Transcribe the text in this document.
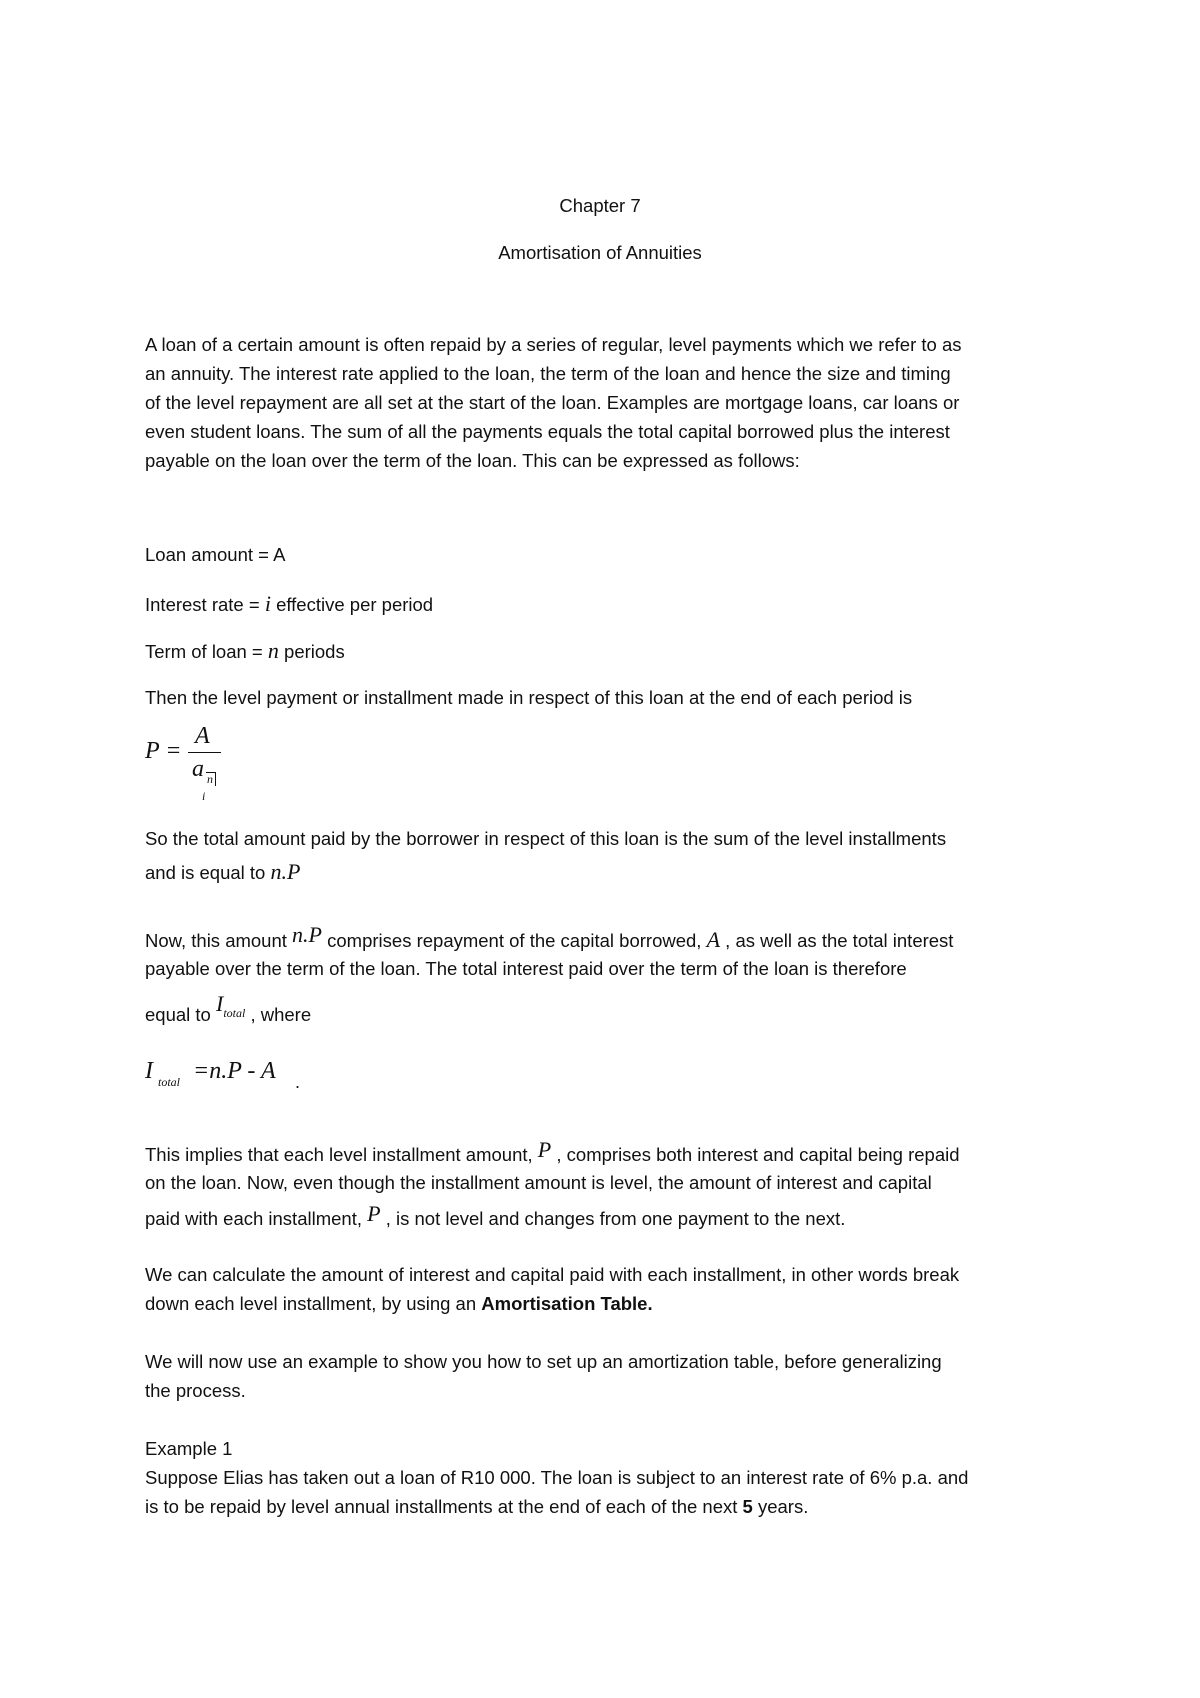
Chapter 7
Amortisation of Annuities
A loan of a certain amount is often repaid by a series of regular, level payments which we refer to as
an annuity. The interest rate applied to the loan, the term of the loan and hence the size and timing
of the level repayment are all set at the start of the loan. Examples are mortgage loans, car loans or
even student loans. The sum of all the payments equals the total capital borrowed plus the interest
payable on the loan over the term of the loan. This can be expressed as follows:
Loan amount = A
Interest rate = i effective per period
Term of loan = n periods
Then the level payment or installment made in respect of this loan at the end of each period is
P =
A
a n
i
So the total amount paid by the borrower in respect of this loan is the sum of the level installments
and is equal to n.P
Now, this amount n.P comprises repayment of the capital borrowed, A , as well as the total interest
payable over the term of the loan. The total interest paid over the term of the loan is therefore
equal to $I^{total}$ , where
I total =n.P - A .
This implies that each level installment amount, P , comprises both interest and capital being repaid
on the loan. Now, even though the installment amount is level, the amount of interest and capital
paid with each installment, P , is not level and changes from one payment to the next.
We can calculate the amount of interest and capital paid with each installment, in other words break
down each level installment, by using an Amortisation Table.
We will now use an example to show you how to set up an amortization table, before generalizing
the process.
Example 1
Suppose Elias has taken out a loan of R10 000. The loan is subject to an interest rate of 6% p.a. and
is to be repaid by level annual installments at the end of each of the next 5 years.
